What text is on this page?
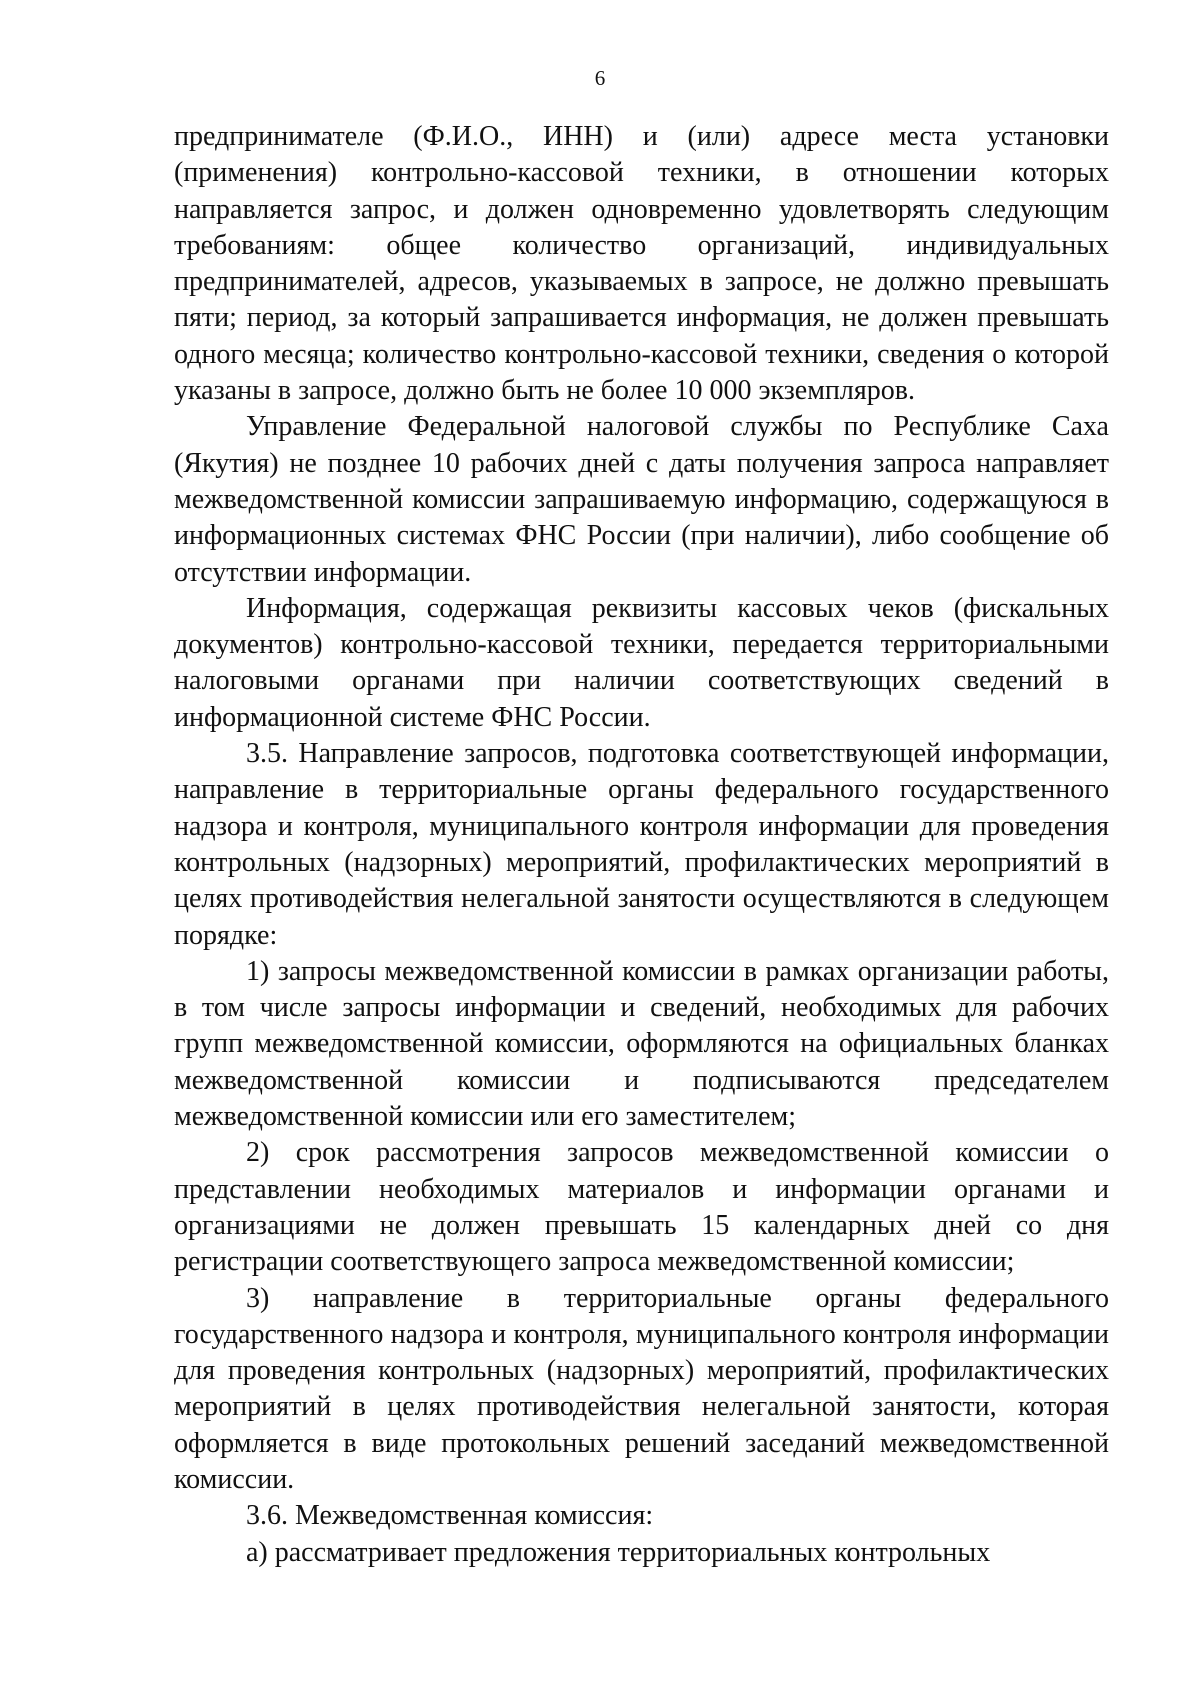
6

предпринимателе (Ф.И.О., ИНН) и (или) адресе места установки (применения) контрольно-кассовой техники, в отношении которых направляется запрос, и должен одновременно удовлетворять следующим требованиям: общее количество организаций, индивидуальных предпринимателей, адресов, указываемых в запросе, не должно превышать пяти; период, за который запрашивается информация, не должен превышать одного месяца; количество контрольно-кассовой техники, сведения о которой указаны в запросе, должно быть не более 10 000 экземпляров.

Управление Федеральной налоговой службы по Республике Саха (Якутия) не позднее 10 рабочих дней с даты получения запроса направляет межведомственной комиссии запрашиваемую информацию, содержащуюся в информационных системах ФНС России (при наличии), либо сообщение об отсутствии информации.

Информация, содержащая реквизиты кассовых чеков (фискальных документов) контрольно-кассовой техники, передается территориальными налоговыми органами при наличии соответствующих сведений в информационной системе ФНС России.

3.5. Направление запросов, подготовка соответствующей информации, направление в территориальные органы федерального государственного надзора и контроля, муниципального контроля информации для проведения контрольных (надзорных) мероприятий, профилактических мероприятий в целях противодействия нелегальной занятости осуществляются в следующем порядке:

1) запросы межведомственной комиссии в рамках организации работы, в том числе запросы информации и сведений, необходимых для рабочих групп межведомственной комиссии, оформляются на официальных бланках межведомственной комиссии и подписываются председателем межведомственной комиссии или его заместителем;

2) срок рассмотрения запросов межведомственной комиссии о представлении необходимых материалов и информации органами и организациями не должен превышать 15 календарных дней со дня регистрации соответствующего запроса межведомственной комиссии;

3) направление в территориальные органы федерального государственного надзора и контроля, муниципального контроля информации для проведения контрольных (надзорных) мероприятий, профилактических мероприятий в целях противодействия нелегальной занятости, которая оформляется в виде протокольных решений заседаний межведомственной комиссии.

3.6. Межведомственная комиссия:

а) рассматривает предложения территориальных контрольных
